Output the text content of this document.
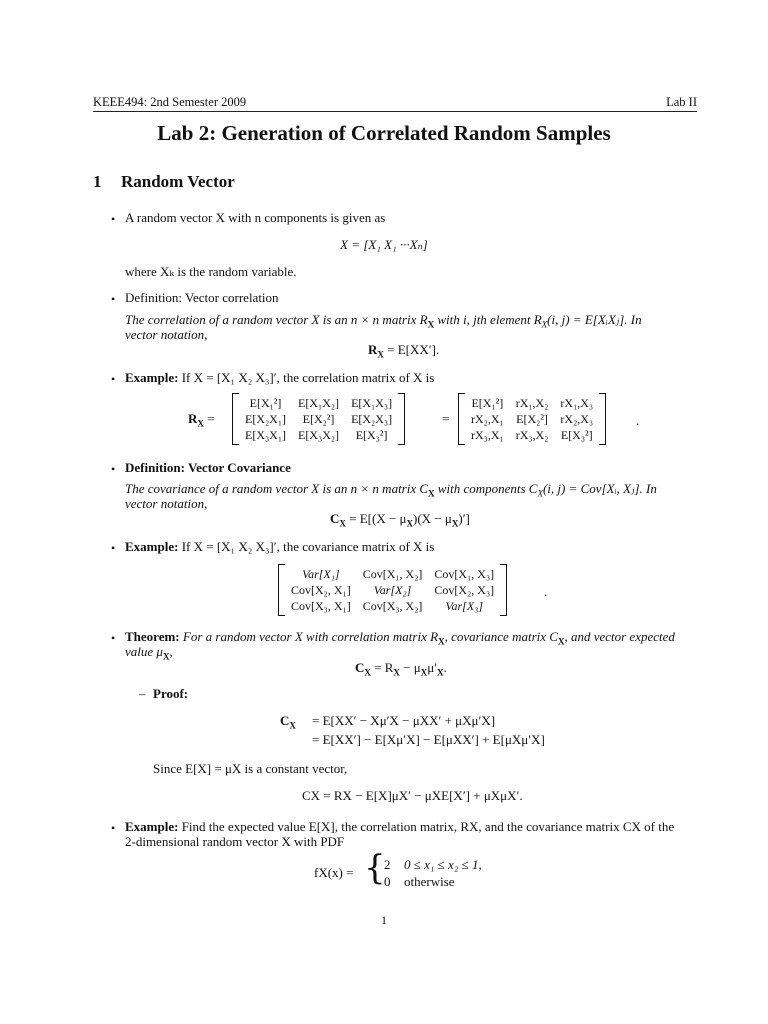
KEEE494: 2nd Semester 2009	Lab II
Lab 2: Generation of Correlated Random Samples
1 Random Vector
• A random vector X with n components is given as
X = [X₁ X₁ ···Xₙ]
where Xₖ is the random variable.
• Definition: Vector correlation
The correlation of a random vector X is an n × n matrix $R_X$ with i, jth element $R_X(i$, j) = E[XᵢXⱼ]. In
vector notation,
$R_X = E[XX']$.
• Example: If X = [X₁ X₂ X₃]′, the correlation matrix of X is
$R_X$ =
E[X₁²]	E[X₁X₂]	E[X₁X₃]
E[X₂X₁]	E[X₂²]	E[X₂X₃]
E[X₃X₁]	E[X₃X₂]	E[X₃²]
=
E[X₁²]	rX₁,X₂	rX₁,X₃
rX₂,X₁	E[X₂²]	rX₂,X₃
rX₃,X₁	rX₃,X₂	E[X₃²]
.
• Definition: Vector Covariance
The covariance of a random vector X is an n × n matrix $C_X$ with components $C_X(i$, j) = Cov[Xᵢ, Xⱼ]. In
vector notation,
$C_X = E[(X - \mu_X)(X - \mu_X)']$
• Example: If X = [X₁ X₂ X₃]′, the covariance matrix of X is
Var[X₁]	Cov[X₁, X₂]	Cov[X₁, X₃]
Cov[X₂, X₁]	Var[X₂]	Cov[X₂, X₃]
Cov[X₃, X₁]	Cov[X₃, X₂]	Var[X₃]
.
• Theorem: For a random vector X with correlation matrix $R_X$, covariance matrix $C_X$, and vector expected
value $\mu_X$,
$C_X = R_X - \mu_X\mu'_X$.
– Proof:
$C_X = E[XX' - X\mu'X - \mu XX' + \mu X\mu'X]$
= E[XX′] − E[Xμ′X] − E[μXX′] + E[μXμ′X]
Since E[X] = μX is a constant vector,
CX = RX − E[X]μX′ − μXE[X′] + μXμX′.
• Example: Find the expected value E[X], the correlation matrix, RX, and the covariance matrix CX of the
2-dimensional random vector X with PDF
fX(x) = {
2 0 ≤ x₁ ≤ x₂ ≤ 1,
0 otherwise
1
